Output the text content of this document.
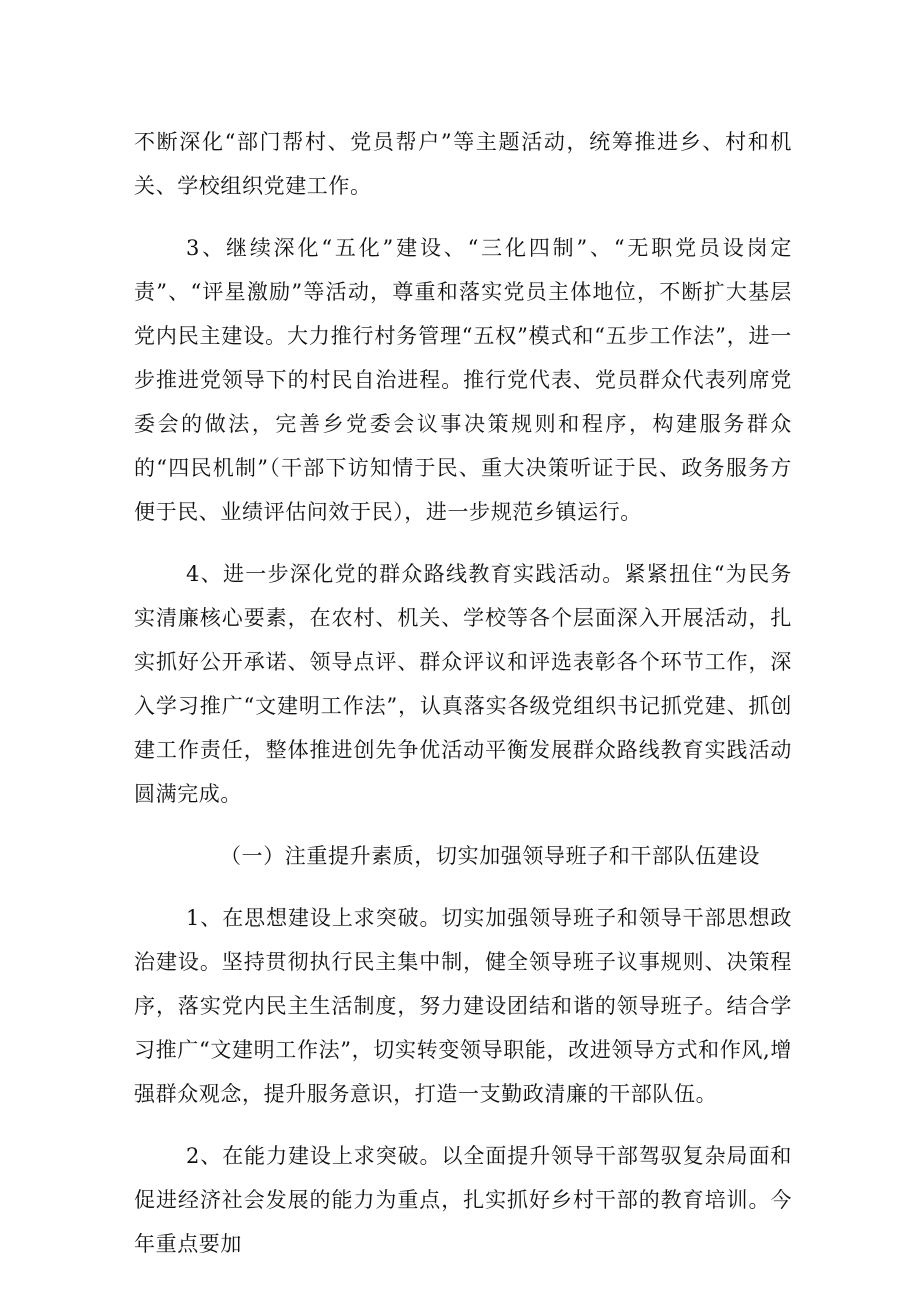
不断深化“部门帮村、党员帮户”等主题活动，统筹推进乡、村和机关、学校组织党建工作。

3、继续深化“五化”建设、“三化四制”、“无职党员设岗定责”、“评星激励”等活动，尊重和落实党员主体地位，不断扩大基层党内民主建设。大力推行村务管理“五权”模式和“五步工作法”，进一步推进党领导下的村民自治进程。推行党代表、党员群众代表列席党委会的做法，完善乡党委会议事决策规则和程序，构建服务群众的“四民机制”（干部下访知情于民、重大决策听证于民、政务服务方便于民、业绩评估问效于民），进一步规范乡镇运行。

4、进一步深化党的群众路线教育实践活动。紧紧扭住“为民务实清廉核心要素，在农村、机关、学校等各个层面深入开展活动，扎实抓好公开承诺、领导点评、群众评议和评选表彰各个环节工作，深入学习推广“文建明工作法”，认真落实各级党组织书记抓党建、抓创建工作责任，整体推进创先争优活动平衡发展群众路线教育实践活动圆满完成。

（一）注重提升素质，切实加强领导班子和干部队伍建设

1、在思想建设上求突破。切实加强领导班子和领导干部思想政治建设。坚持贯彻执行民主集中制，健全领导班子议事规则、决策程序，落实党内民主生活制度，努力建设团结和谐的领导班子。结合学习推广“文建明工作法”，切实转变领导职能，改进领导方式和作风,增强群众观念，提升服务意识，打造一支勤政清廉的干部队伍。

2、在能力建设上求突破。以全面提升领导干部驾驭复杂局面和促进经济社会发展的能力为重点，扎实抓好乡村干部的教育培训。今年重点要加
